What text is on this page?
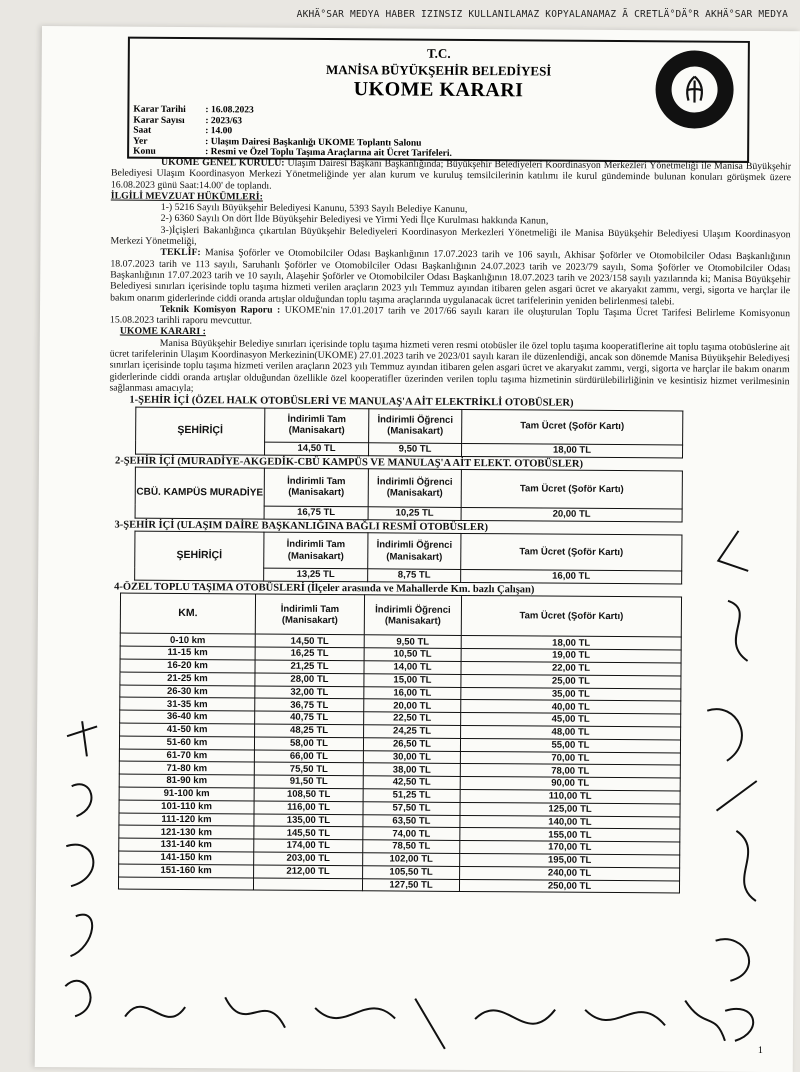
AKHÄ°SAR MEDYA HABER IZINSIZ KULLANILAMAZ KOPYALANAMAZ Ã CRETLÄ°DÄ°R AKHÄ°SAR MEDYA
T.C.
MANİSA BÜYÜKŞEHİR BELEDİYESİ
UKOME KARARI
Karar Tarihi	: 16.08.2023
Karar Sayısı	: 2023/63
Saat	: 14.00
Yer	: Ulaşım Dairesi Başkanlığı UKOME Toplantı Salonu
Konu	: Resmi ve Özel Toplu Taşıma Araçlarına ait Ücret Tarifeleri.

UKOME GENEL KURULU: Ulaşım Dairesi Başkanı Başkanlığında; Büyükşehir Belediyeleri Koordinasyon Merkezleri Yönetmeliği ile Manisa Büyükşehir Belediyesi Ulaşım Koordinasyon Merkezi Yönetmeliğinde yer alan kurum ve kuruluş temsilcilerinin katılımı ile kurul gündeminde bulunan konuları görüşmek üzere 16.08.2023 günü Saat:14.00' de toplandı.

İLGİLİ MEVZUAT HÜKÜMLERİ:

1-) 5216 Sayılı Büyükşehir Belediyesi Kanunu, 5393 Sayılı Belediye Kanunu,

2-) 6360 Sayılı On dört İlde Büyükşehir Belediyesi ve Yirmi Yedi İlçe Kurulması hakkında Kanun,

3-)İçişleri Bakanlığınca çıkartılan Büyükşehir Belediyeleri Koordinasyon Merkezleri Yönetmeliği ile Manisa Büyükşehir Belediyesi Ulaşım Koordinasyon Merkezi Yönetmeliği,

TEKLİF: Manisa Şoförler ve Otomobilciler Odası Başkanlığının 17.07.2023 tarih ve 106 sayılı, Akhisar Şoförler ve Otomobilciler Odası Başkanlığının 18.07.2023 tarih ve 113 sayılı, Saruhanlı Şoförler ve Otomobilciler Odası Başkanlığının 24.07.2023 tarih ve 2023/79 sayılı, Soma Şoförler ve Otomobilciler Odası Başkanlığının 17.07.2023 tarih ve 10 sayılı, Alaşehir Şoförler ve Otomobilciler Odası Başkanlığının 18.07.2023 tarih ve 2023/158 sayılı yazılarında ki; Manisa Büyükşehir Belediyesi sınırları içerisinde toplu taşıma hizmeti verilen araçların 2023 yılı Temmuz ayından itibaren gelen asgari ücret ve akaryakıt zammı, vergi, sigorta ve harçlar ile bakım onarım giderlerinde ciddi oranda artışlar olduğundan toplu taşıma araçlarında uygulanacak ücret tarifelerinin yeniden belirlenmesi talebi.

Teknik Komisyon Raporu : UKOME'nin 17.01.2017 tarih ve 2017/66 sayılı kararı ile oluşturulan Toplu Taşıma Ücret Tarifesi Belirleme Komisyonun 15.08.2023 tarihli raporu mevcuttur.

UKOME KARARI :

Manisa Büyükşehir Belediye sınırları içerisinde toplu taşıma hizmeti veren resmi otobüsler ile özel toplu taşıma kooperatiflerine ait toplu taşıma otobüslerine ait ücret tarifelerinin Ulaşım Koordinasyon Merkezinin(UKOME) 27.01.2023 tarih ve 2023/01 sayılı kararı ile düzenlendiği, ancak son dönemde Manisa Büyükşehir Belediyesi sınırları içerisinde toplu taşıma hizmeti verilen araçların 2023 yılı Temmuz ayından itibaren gelen asgari ücret ve akaryakıt zammı, vergi, sigorta ve harçlar ile bakım onarım giderlerinde ciddi oranda artışlar olduğundan özellikle özel kooperatifler üzerinden verilen toplu taşıma hizmetinin sürdürülebilirliğinin ve kesintisiz hizmet verilmesinin sağlanması amacıyla;

1-ŞEHİR İÇİ (ÖZEL HALK OTOBÜSLERİ VE MANULAŞ'A AİT ELEKTRİKLİ OTOBÜSLER)
ŞEHİRİÇİ	İndirimli Tam (Manisakart)	İndirimli Öğrenci (Manisakart)	Tam Ücret (Şoför Kartı)
	14,50 TL	9,50 TL	18,00 TL
2-ŞEHİR İÇİ (MURADİYE-AKGEDİK-CBÜ KAMPÜS VE MANULAŞ'A AİT ELEKT. OTOBÜSLER)
CBÜ. KAMPÜS MURADİYE	İndirimli Tam (Manisakart)	İndirimli Öğrenci (Manisakart)	Tam Ücret (Şoför Kartı)
	16,75 TL	10,25 TL	20,00 TL
3-ŞEHİR İÇİ (ULAŞIM DAİRE BAŞKANLIĞINA BAĞLI RESMİ OTOBÜSLER)
ŞEHİRİÇİ	İndirimli Tam (Manisakart)	İndirimli Öğrenci (Manisakart)	Tam Ücret (Şoför Kartı)
	13,25 TL	8,75 TL	16,00 TL
4-ÖZEL TOPLU TAŞIMA OTOBÜSLERİ (İlçeler arasında ve Mahallerde Km. bazlı Çalışan)
KM.	İndirimli Tam (Manisakart)	İndirimli Öğrenci (Manisakart)	Tam Ücret (Şoför Kartı)
0-10 km	14,50 TL	9,50 TL	18,00 TL
11-15 km	16,25 TL	10,50 TL	19,00 TL
16-20 km	21,25 TL	14,00 TL	22,00 TL
21-25 km	28,00 TL	15,00 TL	25,00 TL
26-30 km	32,00 TL	16,00 TL	35,00 TL
31-35 km	36,75 TL	20,00 TL	40,00 TL
36-40 km	40,75 TL	22,50 TL	45,00 TL
41-50 km	48,25 TL	24,25 TL	48,00 TL
51-60 km	58,00 TL	26,50 TL	55,00 TL
61-70 km	66,00 TL	30,00 TL	70,00 TL
71-80 km	75,50 TL	38,00 TL	78,00 TL
81-90 km	91,50 TL	42,50 TL	90,00 TL
91-100 km	108,50 TL	51,25 TL	110,00 TL
101-110 km	116,00 TL	57,50 TL	125,00 TL
111-120 km	135,00 TL	63,50 TL	140,00 TL
121-130 km	145,50 TL	74,00 TL	155,00 TL
131-140 km	174,00 TL	78,50 TL	170,00 TL
141-150 km	203,00 TL	102,00 TL	195,00 TL
151-160 km	212,00 TL	105,50 TL	240,00 TL
		127,50 TL	250,00 TL
1
